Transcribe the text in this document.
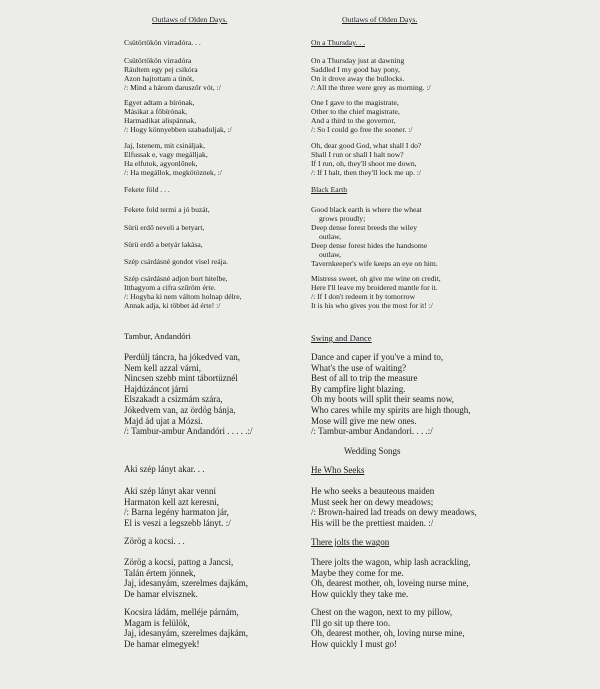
Outlaws of Olden Days.
Csütörtökön virradóra. . .
Csütörtökön virradóra
Ráultem egy pej csikóra
Azon hajtottam a tinót,
/: Mind a három daruszőr vót, :/
Egyet adtam a bírónak,
Másikat a főbírónak,
Harmadikat alispánnak,
/: Hogy könnyebben szabaduljak, :/
Jaj, Istenem, mit csináljak,
Elfussak e, vagy megálljak,
Ha elfutok, agyonlőnek,
/: Ha megállok, megkötöznek, :/
Fekete föld . . .
Fekete fold termi a jó buzát,
Sürü erdő neveli a betyart,
Sürü erdő a betyár lakása,
Szép csárdásné gondot visel reája.
Szép csárdásné adjon bort hitelbe,
Itthagyom a cifra szűröm érte.
/: Hogyha ki nem váltom holnap délre,
Annak adja, ki többet ád érte! :/
Tambur, Andandóri
Perdülj táncra, ha jókedved van,
Nem kell azzal várni,
Nincsen szebb mint tábortüznél
Hajdúzáncot járni
Elszakadt a csizmám szára,
Jókedvem van, az ördög bánja,
Majd ád ujat a Mózsi.
/: Tambur-ambur Andandóri . . . . .:/
Aki szép lányt akar. . .
Aki szép lányt akar venni
Harmaton kell azt keresni,
/: Barna legény harmaton jár,
El is veszi a legszebb lányt. :/
Zörög a kocsi. . .
Zörög a kocsi, pattog a Jancsi,
Talán értem jönnek,
Jaj, idesanyám, szerelmes dajkám,
De hamar elvisznek.
Kocsira ládám, melléje párnám,
Magam is felülök,
Jaj, idesanyám, szerelmes dajkám,
De hamar elmegyek!
Outlaws of Olden Days.
On a Thursday. . .
On a Thursday just at dawning
Saddled I my good bay pony,
On it drove away the bullocks.
/: All the three were grey as morning. :/
One I gave to the magistrate,
Other to the chief magistrate,
And a third to the governor,
/: So I could go free the sooner. :/
Oh, dear good God, what shall I do?
Shall I run or shall I halt now?
If I run, oh, they'll shoot me down,
/: If I halt, then they'll lock me up. :/
Black Earth
Good black earth is where the wheat
grows proudly;
Deep dense forest breeds the wiley
outlaw,
Deep dense forest hides the handsome
outlaw,
Tavernkeeper's wife keeps an eye on him.
Mistress sweet, oh give me wine on credit,
Here I'll leave my broidered mantle for it.
/: If I don't redeem it by tomorrow
It is his who gives you the most for it! :/
Swing and Dance
Dance and caper if you've a mind to,
What's the use of waiting?
Best of all to trip the measure
By campfire light blazing.
Oh my boots will split their seams now,
Who cares while my spirits are high though,
Mose will give me new ones.
/: Tambur-ambur Andandori. . . .:/
Wedding Songs
He Who Seeks
He who seeks a beauteous maiden
Must seek her on dewy meadows;
/: Brown-haired lad treads on dewy meadows,
His will be the prettiest maiden. :/
There jolts the wagon
There jolts the wagon, whip lash acrackling,
Maybe they come for me.
Oh, dearest mother, oh, loveing nurse mine,
How quickly they take me.
Chest on the wagon, next to my pillow,
I'll go sit up there too.
Oh, dearest mother, oh, loving nurse mine,
How quickly I must go!
